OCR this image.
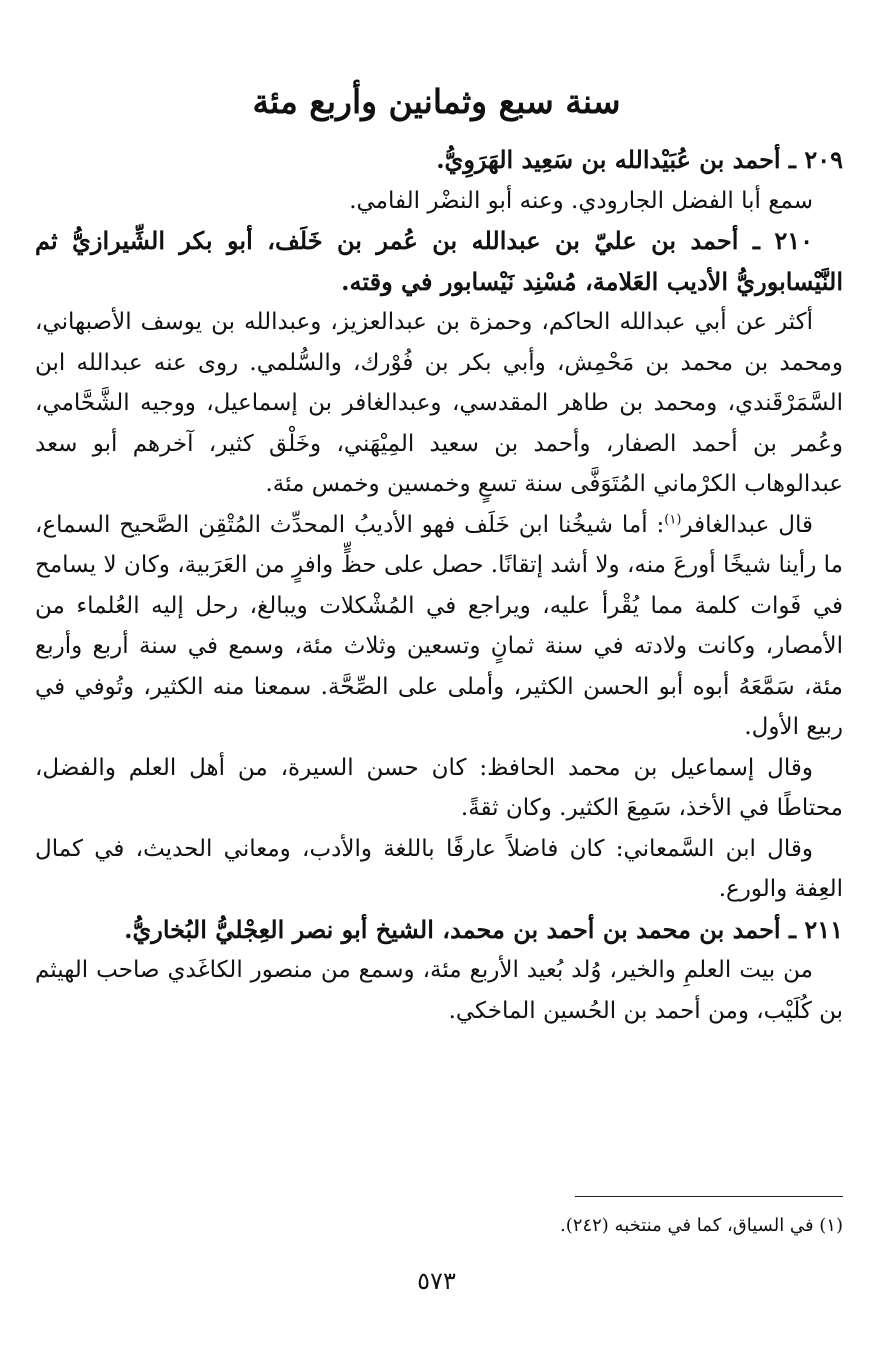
سنة سبع وثمانين وأربع مئة

٢٠٩ ـ أحمد بن عُبَيْدالله بن سَعِيد الهَرَوِيُّ.

سمع أبا الفضل الجارودي. وعنه أبو النضْر الفامي.

٢١٠ ـ أحمد بن عليّ بن عبدالله بن عُمر بن خَلَف، أبو بكر الشِّيرازيُّ ثم النَّيْسابوريُّ الأديب العَلامة، مُسْنِد نَيْسابور في وقته.

أكثر عن أبي عبدالله الحاكم، وحمزة بن عبدالعزيز، وعبدالله بن يوسف الأصبهاني، ومحمد بن محمد بن مَحْمِش، وأبي بكر بن فُوْرك، والسُّلمي. روى عنه عبدالله ابن السَّمَرْقَندي، ومحمد بن طاهر المقدسي، وعبدالغافر بن إسماعيل، ووجيه الشَّحَّامي، وعُمر بن أحمد الصفار، وأحمد بن سعيد المِيْهَني، وخَلْق كثير، آخرهم أبو سعد عبدالوهاب الكرْماني المُتَوَفَّى سنة تسعٍ وخمسين وخمس مئة.

قال عبدالغافر$^{(١)}$: أما شيخُنا ابن خَلَف فهو الأديبُ المحدِّث المُتْقِن الصَّحيح السماع، ما رأينا شيخًا أورعَ منه، ولا أشد إتقانًا. حصل على حظٍّ وافرٍ من العَرَبية، وكان لا يسامح في فَوات كلمة مما يُقْرأ عليه، ويراجع في المُشْكلات ويبالغ، رحل إليه العُلماء من الأمصار، وكانت ولادته في سنة ثمانٍ وتسعين وثلاث مئة، وسمع في سنة أربع وأربع مئة، سَمَّعَهُ أبوه أبو الحسن الكثير، وأملى على الصِّحَّة. سمعنا منه الكثير، وتُوفي في ربيع الأول.

وقال إسماعيل بن محمد الحافظ: كان حسن السيرة، من أهل العلم والفضل، محتاطًا في الأخذ، سَمِعَ الكثير. وكان ثقةً.

وقال ابن السَّمعاني: كان فاضلاً عارفًا باللغة والأدب، ومعاني الحديث، في كمال العِفة والورع.

٢١١ ـ أحمد بن محمد بن أحمد بن محمد، الشيخ أبو نصر العِجْليُّ البُخاريُّ.

من بيت العلمِ والخير، وُلد بُعيد الأربع مئة، وسمع من منصور الكاغَدي صاحب الهيثم بن كُلَيْب، ومن أحمد بن الحُسين الماخكي.

(١) في السياق، كما في منتخبه (٢٤٢).

٥٧٣
